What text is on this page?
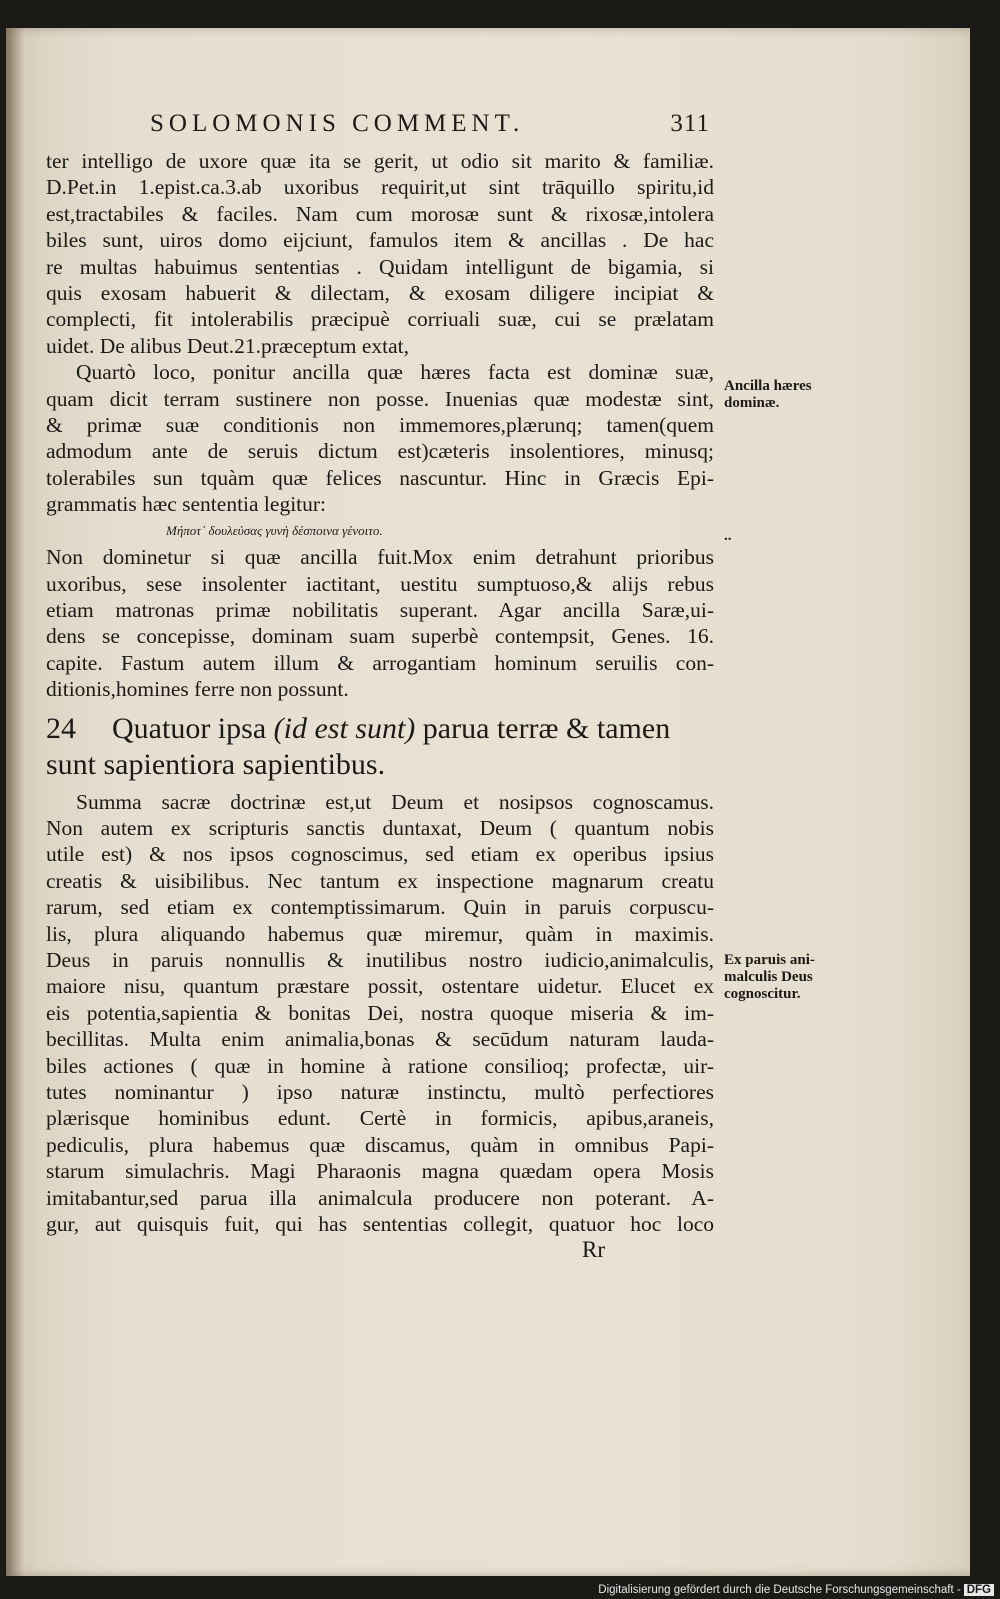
SOLOMONIS COMMENT.	311
ter intelligo de uxore quæ ita se gerit, ut odio sit marito & familiæ.
D.Pet.in 1.epist.ca.3.ab uxoribus requirit,ut sint trāquillo spiritu,id
est,tractabiles & faciles. Nam cum morosæ sunt & rixosæ,intolera
biles sunt, uiros domo eijciunt, famulos item & ancillas . De hac
re multas habuimus sententias . Quidam intelligunt de bigamia, si
quis exosam habuerit & dilectam, & exosam diligere incipiat &
complecti, fit intolerabilis præcipuè corriuali suæ, cui se prælatam
uidet. De alibus Deut.21.præceptum extat,
Quartò loco, ponitur ancilla quæ hæres facta est dominæ suæ,
quam dicit terram sustinere non posse. Inuenias quæ modestæ sint,
& primæ suæ conditionis non immemores,plærunq; tamen(quem
admodum ante de seruis dictum est)cæteris insolentiores, minusq;
tolerabiles sun tquàm quæ felices nascuntur. Hinc in Græcis Epi-
grammatis hæc sententia legitur:
Μήποτ᾽ δουλεύσας γυνὴ δέσποινα γένοιτο.
Non dominetur si quæ ancilla fuit.Mox enim detrahunt prioribus
uxoribus, sese insolenter iactitant, uestitu sumptuoso,& alijs rebus
etiam matronas primæ nobilitatis superant. Agar ancilla Saræ,ui-
dens se concepisse, dominam suam superbè contempsit, Genes. 16.
capite. Fastum autem illum & arrogantiam hominum seruilis con-
ditionis,homines ferre non possunt.
24 Quatuor ipsa (id est sunt) parua terræ & tamen
sunt sapientiora sapientibus.
Summa sacræ doctrinæ est,ut Deum et nosipsos cognoscamus.
Non autem ex scripturis sanctis duntaxat, Deum ( quantum nobis
utile est) & nos ipsos cognoscimus, sed etiam ex operibus ipsius
creatis & uisibilibus. Nec tantum ex inspectione magnarum creatu
rarum, sed etiam ex contemptissimarum. Quin in paruis corpuscu-
lis, plura aliquando habemus quæ miremur, quàm in maximis.
Deus in paruis nonnullis & inutilibus nostro iudicio,animalculis,
maiore nisu, quantum præstare possit, ostentare uidetur. Elucet ex
eis potentia,sapientia & bonitas Dei, nostra quoque miseria & im-
becillitas. Multa enim animalia,bonas & secūdum naturam lauda-
biles actiones ( quæ in homine à ratione consilioq; profectæ, uir-
tutes nominantur ) ipso naturæ instinctu, multò perfectiores
plærisque hominibus edunt. Certè in formicis, apibus,araneis,
pediculis, plura habemus quæ discamus, quàm in omnibus Papi-
starum simulachris. Magi Pharaonis magna quædam opera Mosis
imitabantur,sed parua illa animalcula producere non poterant. A-
gur, aut quisquis fuit, qui has sententias collegit, quatuor hoc loco
Rr
Ancilla hæres
dominæ.
..
Ex paruis ani-
malculis Deus
cognoscitur.
Digitalisierung gefördert durch die Deutsche Forschungsgemeinschaft - DFG
